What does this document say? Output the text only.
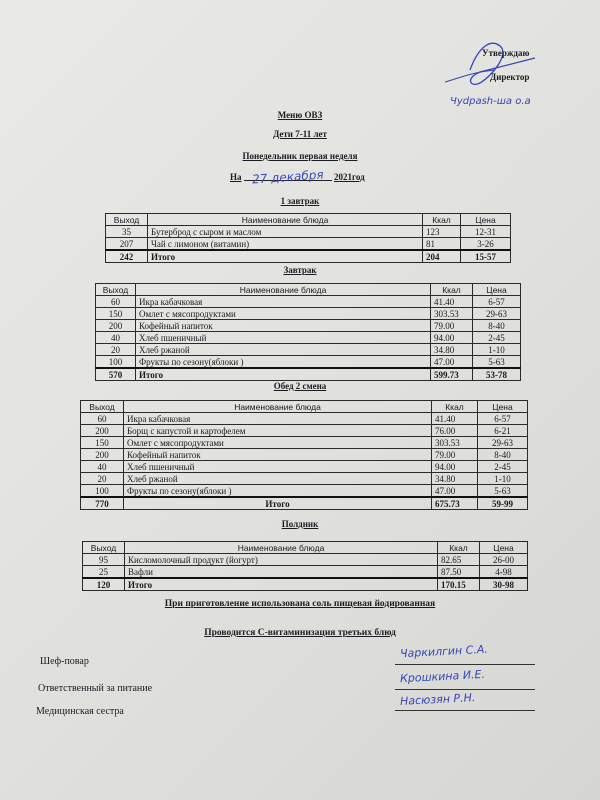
Утверждаю
Директор
Чуdраsh-шa o.a
Меню ОВЗ
Дети 7-11 лет
Понедельник первая неделя
На 27 декабря 2021год
1 завтрак
Выход	Наименование блюда	Ккал	Цена
35	Бутерброд с сыром и маслом	123	12-31
207	Чай с лимоном (витамин)	81	3-26
242	Итого	204	15-57
Завтрак
Выход	Наименование блюда	Ккал	Цена
60	Икра кабачковая	41.40	6-57
150	Омлет с мясопродуктами	303.53	29-63
200	Кофейный напиток	79.00	8-40
40	Хлеб пшеничный	94.00	2-45
20	Хлеб ржаной	34.80	1-10
100	Фрукты по сезону(яблоки )	47.00	5-63
570	Итого	599.73	53-78
Обед 2 смена
Выход	Наименование блюда	Ккал	Цена
60	Икра кабачковая	41.40	6-57
200	Борщ с капустой и картофелем	76.00	6-21
150	Омлет с мясопродуктами	303.53	29-63
200	Кофейный напиток	79.00	8-40
40	Хлеб пшеничный	94.00	2-45
20	Хлеб ржаной	34.80	1-10
100	Фрукты по сезону(яблоки )	47.00	5-63
770	Итого	675.73	59-99
Полдник
Выход	Наименование блюда	Ккал	Цена
95	Кисломолочный продукт (йогурт)	82.65	26-00
25	Вафли	87.50	4-98
120	Итого	170.15	30-98
При приготовление использована соль пищевая йодированная
Проводится С-витаминизация третьих блюд
Шеф-повар
Чаркилгин С.А.
Ответственный за питание
Крошкина И.Е.
Медицинская сестра
Насюзян Р.Н.
